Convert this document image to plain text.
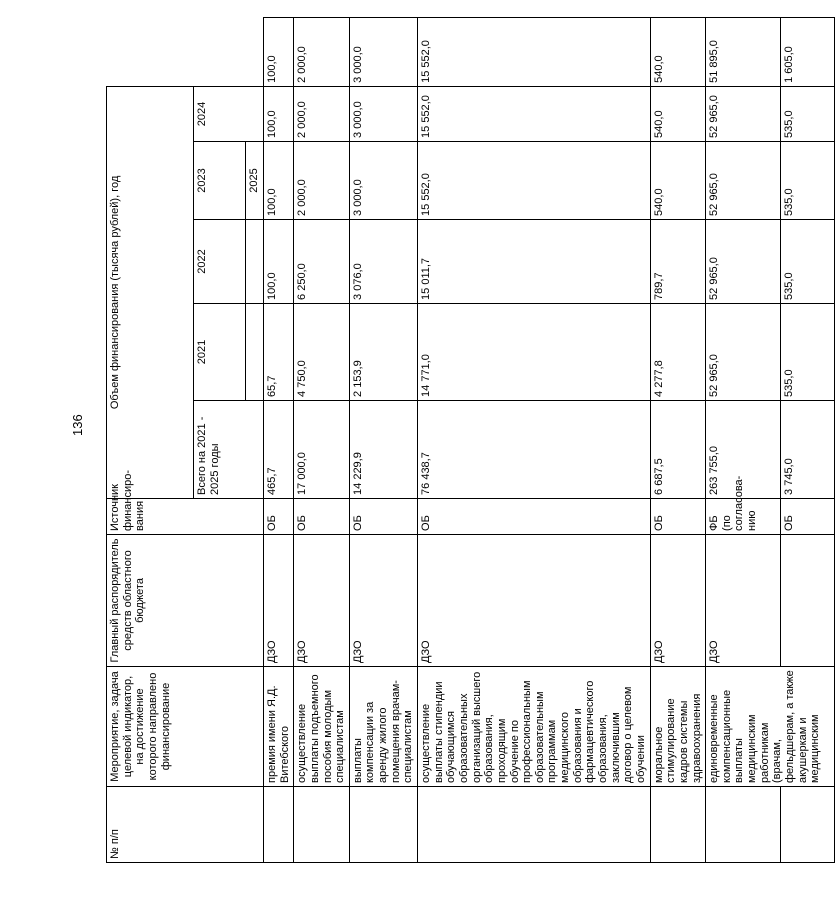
136
№ п/п	Мероприятие, задача целевой индикатор, на достижение которого направлено финансирование	Главный распорядитель средств областного бюджета	Источник финансиро-вания	Объем финансирования (тысяча рублей), год					
				Всего на 2021 - 2025 годы	2021	2022	2023	2024	
							2025		
	премия имени Я.Д. Витебского	ДЗО	ОБ	465,7	65,7	100,0	100,0	100,0	100,0
	осуществление выплаты подъемного пособия молодым специалистам	ДЗО	ОБ	17 000,0	4 750,0	6 250,0	2 000,0	2 000,0	2 000,0
	выплаты компенсации за аренду жилого помещения врачам-специалистам	ДЗО	ОБ	14 229,9	2 153,9	3 076,0	3 000,0	3 000,0	3 000,0
	осуществление выплаты стипендии обучающимся образовательных организаций высшего образования, проходящим обучение по профессиональным образовательным программам медицинского образования и фармацевтического образования, заключившим договор о целевом обучении	ДЗО	ОБ	76 438,7	14 771,0	15 011,7	15 552,0	15 552,0	15 552,0
	моральное стимулирование кадров системы здравоохранения	ДЗО	ОБ	6 687,5	4 277,8	789,7	540,0	540,0	540,0

	единовременные компенсационные выплаты медицинским работникам (врачам, фельдшерам, а также акушеркам и медицинским	ДЗО	ФБ (по согласова-нию	263 755,0	52 965,0	52 965,0	52 965,0	52 965,0	51 895,0
			ОБ	3 745,0	535,0	535,0	535,0	535,0	1 605,0
